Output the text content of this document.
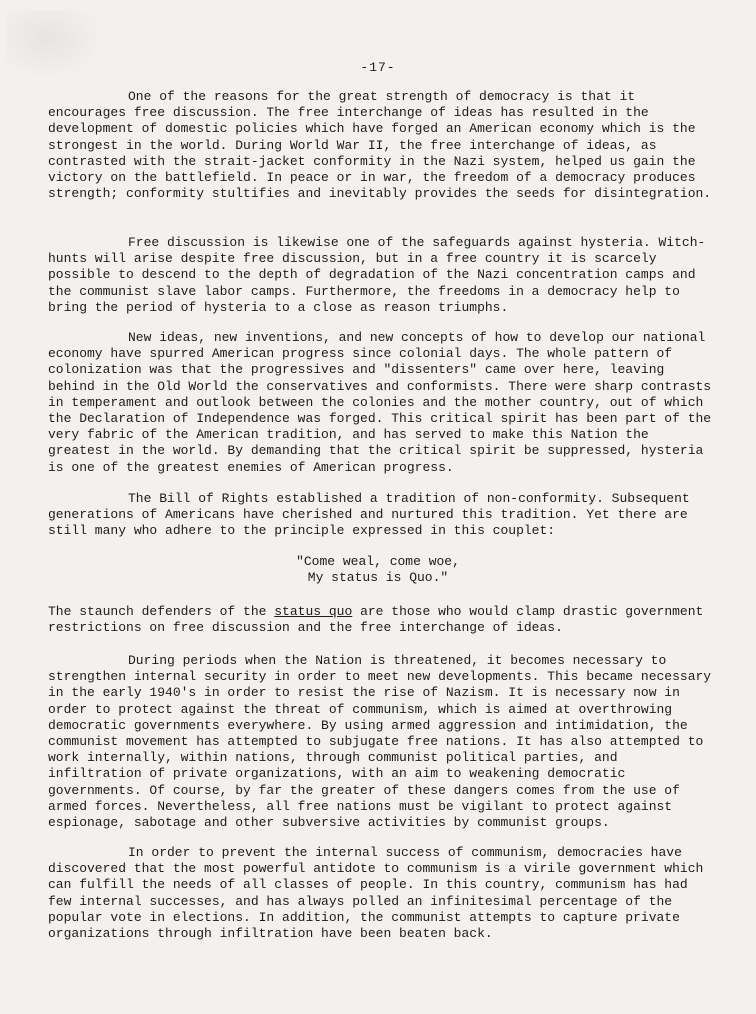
-17-

One of the reasons for the great strength of democracy is that it encourages free discussion. The free interchange of ideas has resulted in the development of domestic policies which have forged an American economy which is the strongest in the world. During World War II, the free interchange of ideas, as contrasted with the strait-jacket conformity in the Nazi system, helped us gain the victory on the battlefield. In peace or in war, the freedom of a democracy produces strength; conformity stultifies and inevitably provides the seeds for disintegration.

Free discussion is likewise one of the safeguards against hysteria. Witch-hunts will arise despite free discussion, but in a free country it is scarcely possible to descend to the depth of degradation of the Nazi concentration camps and the communist slave labor camps. Furthermore, the freedoms in a democracy help to bring the period of hysteria to a close as reason triumphs.

New ideas, new inventions, and new concepts of how to develop our national economy have spurred American progress since colonial days. The whole pattern of colonization was that the progressives and "dissenters" came over here, leaving behind in the Old World the conservatives and conformists. There were sharp contrasts in temperament and outlook between the colonies and the mother country, out of which the Declaration of Independence was forged. This critical spirit has been part of the very fabric of the American tradition, and has served to make this Nation the greatest in the world. By demanding that the critical spirit be suppressed, hysteria is one of the greatest enemies of American progress.

The Bill of Rights established a tradition of non-conformity. Subsequent generations of Americans have cherished and nurtured this tradition. Yet there are still many who adhere to the principle expressed in this couplet:

"Come weal, come woe,
My status is Quo."

The staunch defenders of the status quo are those who would clamp drastic government restrictions on free discussion and the free interchange of ideas.

During periods when the Nation is threatened, it becomes necessary to strengthen internal security in order to meet new developments. This became necessary in the early 1940's in order to resist the rise of Nazism. It is necessary now in order to protect against the threat of communism, which is aimed at overthrowing democratic governments everywhere. By using armed aggression and intimidation, the communist movement has attempted to subjugate free nations. It has also attempted to work internally, within nations, through communist political parties, and infiltration of private organizations, with an aim to weakening democratic governments. Of course, by far the greater of these dangers comes from the use of armed forces. Nevertheless, all free nations must be vigilant to protect against espionage, sabotage and other subversive activities by communist groups.

In order to prevent the internal success of communism, democracies have discovered that the most powerful antidote to communism is a virile government which can fulfill the needs of all classes of people. In this country, communism has had few internal successes, and has always polled an infinitesimal percentage of the popular vote in elections. In addition, the communist attempts to capture private organizations through infiltration have been beaten back.
